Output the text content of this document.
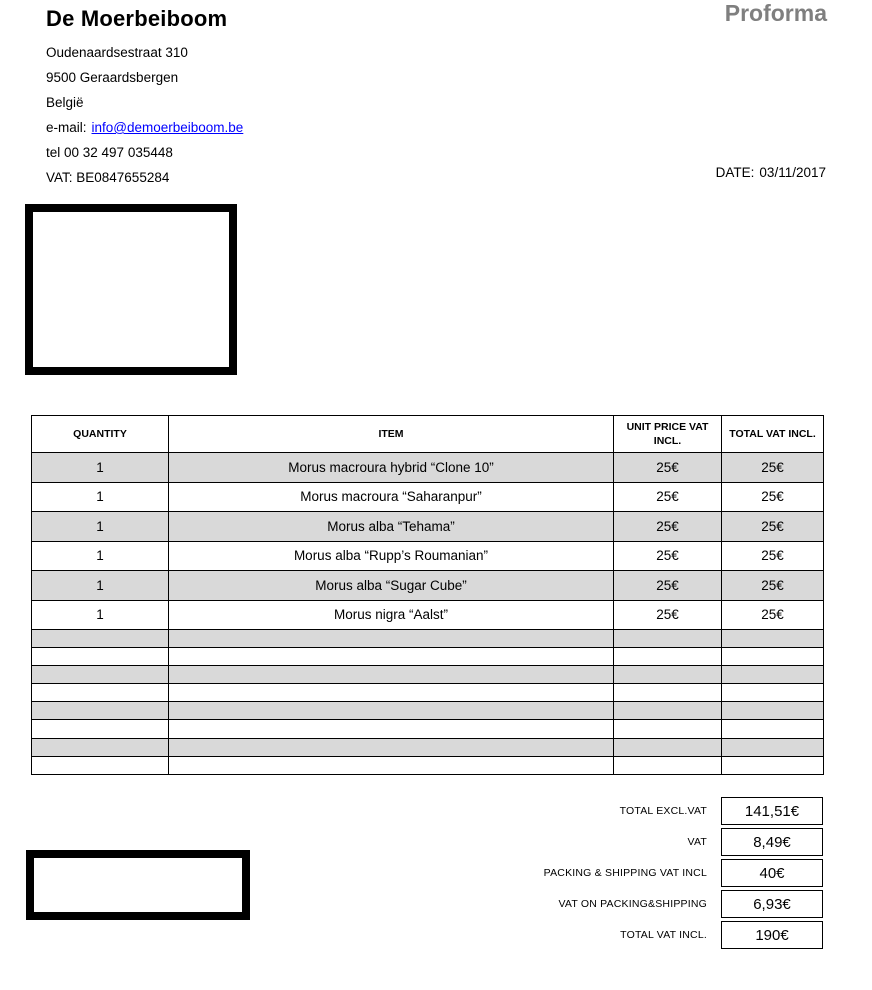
De Moerbeiboom
Oudenaardsestraat 310
9500 Geraardsbergen
België
e-mail: info@demoerbeiboom.be
tel 00 32 497 035448
VAT: BE0847655284
Proforma
DATE: 03/11/2017
QUANTITY	ITEM	UNIT PRICE VAT INCL.	TOTAL VAT INCL.
1	Morus macroura hybrid “Clone 10”	25€	25€
1	Morus macroura “Saharanpur”	25€	25€
1	Morus alba “Tehama”	25€	25€
1	Morus alba “Rupp’s Roumanian”	25€	25€
1	Morus alba “Sugar Cube”	25€	25€
1	Morus nigra “Aalst”	25€	25€

TOTAL EXCL.VAT	141,51€
VAT	8,49€
PACKING & SHIPPING VAT INCL	40€
VAT ON PACKING&SHIPPING	6,93€
TOTAL VAT INCL.	190€
